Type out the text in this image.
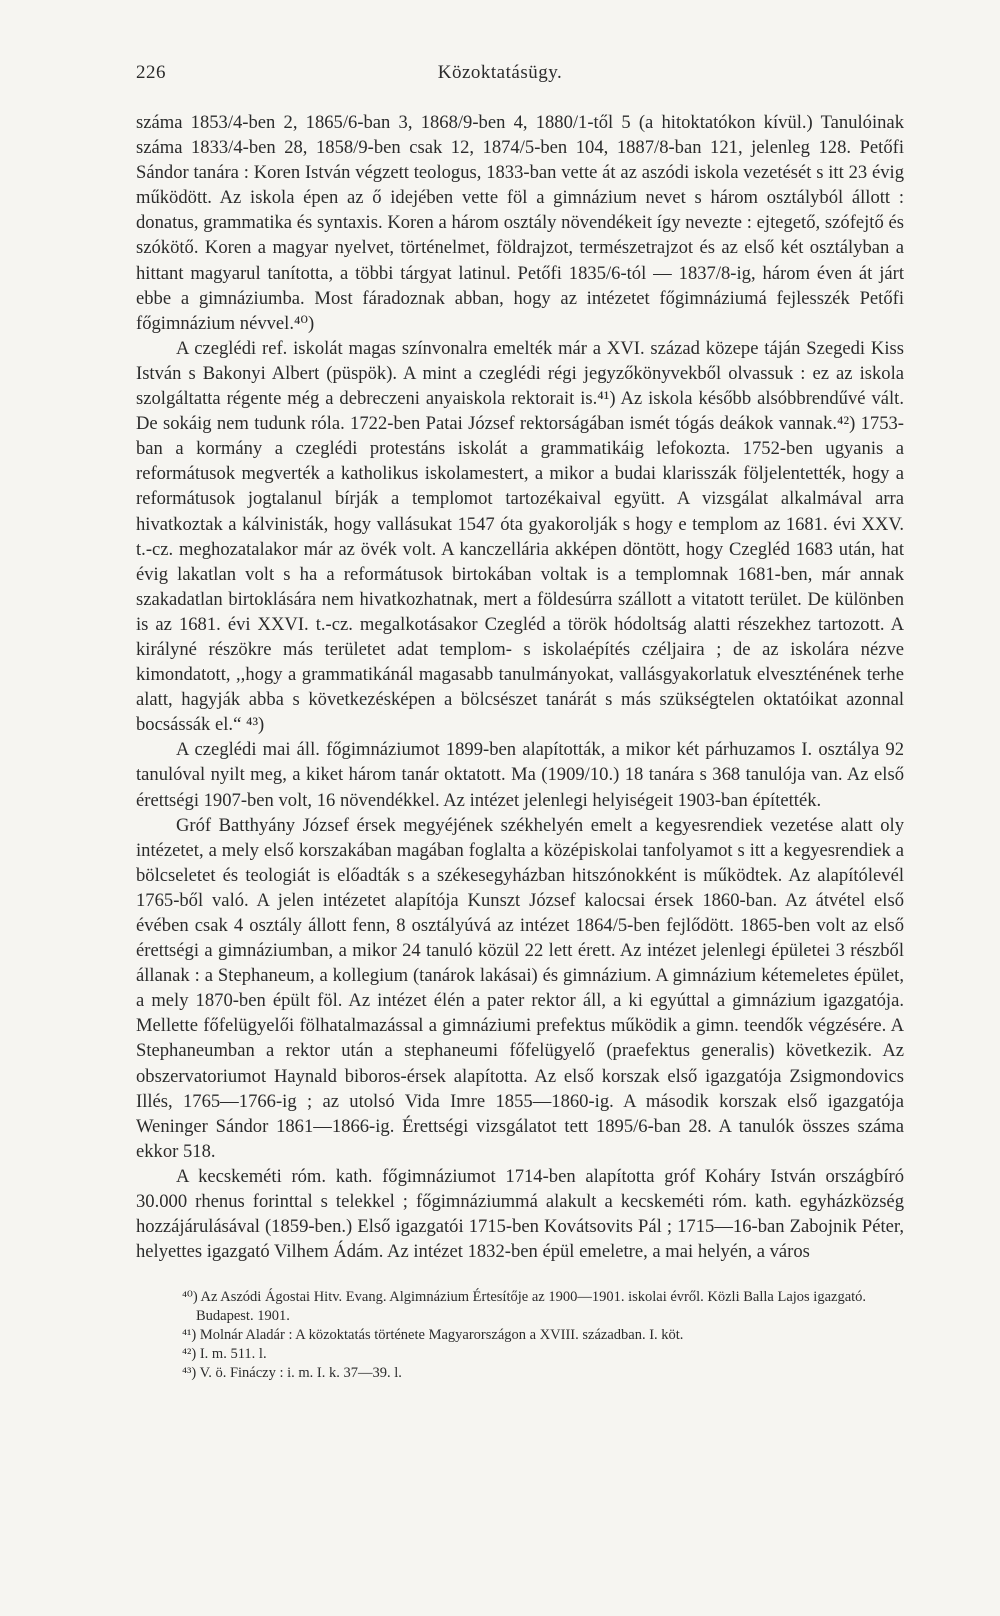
226	Közoktatásügy.

száma 1853/4-ben 2, 1865/6-ban 3, 1868/9-ben 4, 1880/1-től 5 (a hitoktatókon kívül.) Tanulóinak száma 1833/4-ben 28, 1858/9-ben csak 12, 1874/5-ben 104, 1887/8-ban 121, jelenleg 128. Petőfi Sándor tanára : Koren István végzett teologus, 1833-ban vette át az aszódi iskola vezetését s itt 23 évig működött. Az iskola épen az ő idejében vette föl a gimnázium nevet s három osztályból állott : donatus, grammatika és syntaxis. Koren a három osztály növendékeit így nevezte : ejtegető, szófejtő és szókötő. Koren a magyar nyelvet, történelmet, földrajzot, természetrajzot és az első két osztályban a hittant magyarul tanította, a többi tárgyat latinul. Petőfi 1835/6-tól — 1837/8-ig, három éven át járt ebbe a gimnáziumba. Most fáradoznak abban, hogy az intézetet főgimnáziumá fejlesszék Petőfi főgimnázium névvel.⁴⁰)

A czeglédi ref. iskolát magas színvonalra emelték már a XVI. század közepe táján Szegedi Kiss István s Bakonyi Albert (püspök). A mint a czeglédi régi jegyzőkönyvekből olvassuk : ez az iskola szolgáltatta régente még a debreczeni anyaiskola rektorait is.⁴¹) Az iskola később alsóbbrendűvé vált. De sokáig nem tudunk róla. 1722-ben Patai József rektorságában ismét tógás deákok vannak.⁴²) 1753-ban a kormány a czeglédi protestáns iskolát a grammatikáig lefokozta. 1752-ben ugyanis a reformátusok megverték a katholikus iskolamestert, a mikor a budai klarisszák följelentették, hogy a reformátusok jogtalanul bírják a templomot tartozékaival együtt. A vizsgálat alkalmával arra hivatkoztak a kálvinisták, hogy vallásukat 1547 óta gyakorolják s hogy e templom az 1681. évi XXV. t.-cz. meghozatalakor már az övék volt. A kanczellária akképen döntött, hogy Czegléd 1683 után, hat évig lakatlan volt s ha a reformátusok birtokában voltak is a templomnak 1681-ben, már annak szakadatlan birtoklására nem hivatkozhatnak, mert a földesúrra szállott a vitatott terület. De különben is az 1681. évi XXVI. t.-cz. megalkotásakor Czegléd a török hódoltság alatti részekhez tartozott. A királyné részökre más területet adat templom- s iskolaépítés czéljaira ; de az iskolára nézve kimondatott, ,,hogy a grammatikánál magasabb tanulmányokat, vallásgyakorlatuk elveszténének terhe alatt, hagyják abba s következésképen a bölcsészet tanárát s más szükségtelen oktatóikat azonnal bocsássák el.“ ⁴³)

A czeglédi mai áll. főgimnáziumot 1899-ben alapították, a mikor két párhuzamos I. osztálya 92 tanulóval nyilt meg, a kiket három tanár oktatott. Ma (1909/10.) 18 tanára s 368 tanulója van. Az első érettségi 1907-ben volt, 16 növendékkel. Az intézet jelenlegi helyiségeit 1903-ban építették.

Gróf Batthyány József érsek megyéjének székhelyén emelt a kegyesrendiek vezetése alatt oly intézetet, a mely első korszakában magában foglalta a középiskolai tanfolyamot s itt a kegyesrendiek a bölcseletet és teologiát is előadták s a székesegyházban hitszónokként is működtek. Az alapítólevél 1765-ből való. A jelen intézetet alapítója Kunszt József kalocsai érsek 1860-ban. Az átvétel első évében csak 4 osztály állott fenn, 8 osztályúvá az intézet 1864/5-ben fejlődött. 1865-ben volt az első érettségi a gimnáziumban, a mikor 24 tanuló közül 22 lett érett. Az intézet jelenlegi épületei 3 részből állanak : a Stephaneum, a kollegium (tanárok lakásai) és gimnázium. A gimnázium kétemeletes épület, a mely 1870-ben épült föl. Az intézet élén a pater rektor áll, a ki egyúttal a gimnázium igazgatója. Mellette főfelügyelői fölhatalmazással a gimnáziumi prefektus működik a gimn. teendők végzésére. A Stephaneumban a rektor után a stephaneumi főfelügyelő (praefektus generalis) következik. Az obszervatoriumot Haynald biboros-érsek alapította. Az első korszak első igazgatója Zsigmondovics Illés, 1765—1766-ig ; az utolsó Vida Imre 1855—1860-ig. A második korszak első igazgatója Weninger Sándor 1861—1866-ig. Érettségi vizsgálatot tett 1895/6-ban 28. A tanulók összes száma ekkor 518.

A kecskeméti róm. kath. főgimnáziumot 1714-ben alapította gróf Koháry István országbíró 30.000 rhenus forinttal s telekkel ; főgimnáziummá alakult a kecskeméti róm. kath. egyházközség hozzájárulásával (1859-ben.) Első igazgatói 1715-ben Kovátsovits Pál ; 1715—16-ban Zabojnik Péter, helyettes igazgató Vilhem Ádám. Az intézet 1832-ben épül emeletre, a mai helyén, a város

⁴⁰) Az Aszódi Ágostai Hitv. Evang. Algimnázium Értesítője az 1900—1901. iskolai évről. Közli Balla Lajos igazgató. Budapest. 1901.

⁴¹) Molnár Aladár : A közoktatás története Magyarországon a XVIII. században. I. köt.

⁴²) I. m. 511. l.

⁴³) V. ö. Fináczy : i. m. I. k. 37—39. l.
